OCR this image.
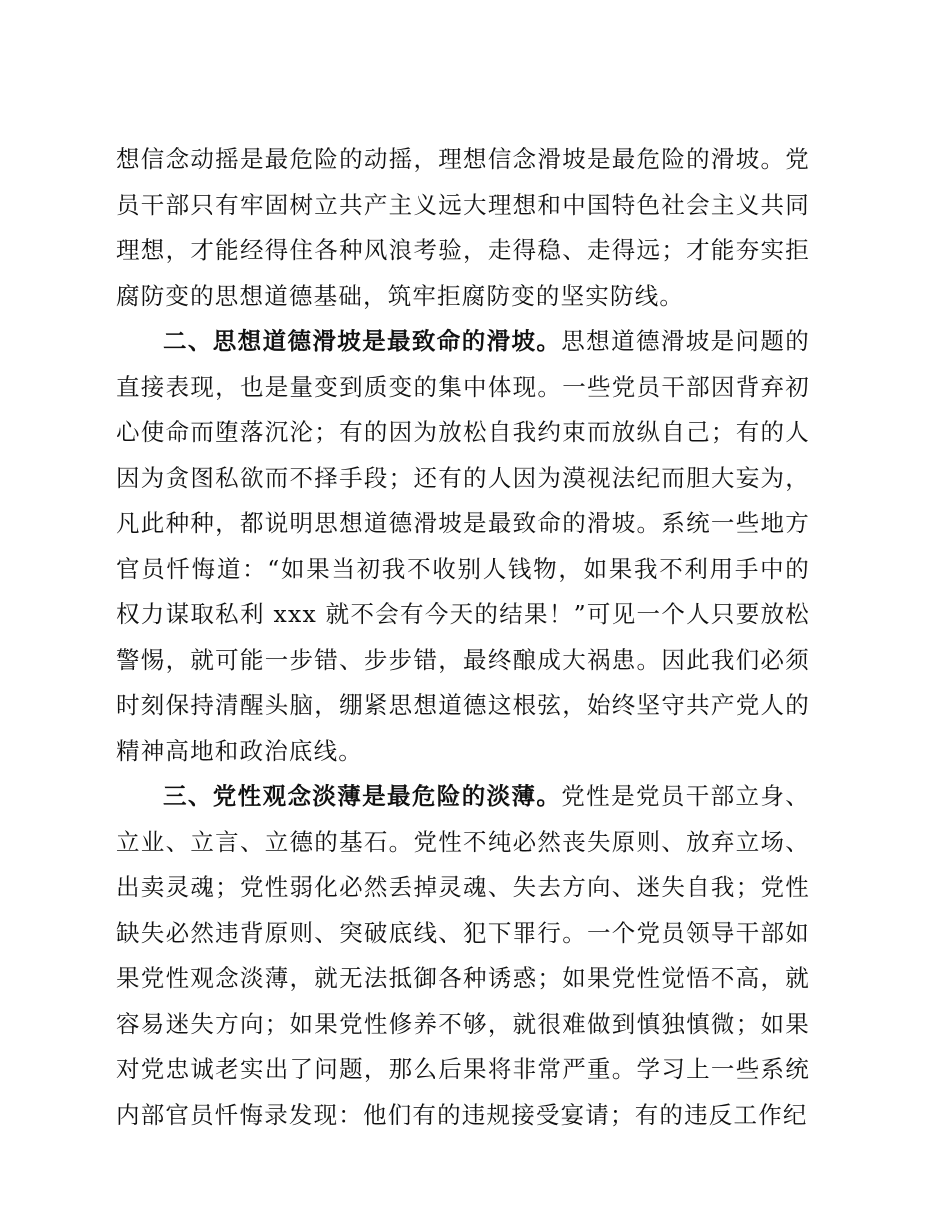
想信念动摇是最危险的动摇，理想信念滑坡是最危险的滑坡。党员干部只有牢固树立共产主义远大理想和中国特色社会主义共同理想，才能经得住各种风浪考验，走得稳、走得远；才能夯实拒腐防变的思想道德基础，筑牢拒腐防变的坚实防线。

二、思想道德滑坡是最致命的滑坡。思想道德滑坡是问题的直接表现，也是量变到质变的集中体现。一些党员干部因背弃初心使命而堕落沉沦；有的因为放松自我约束而放纵自己；有的人因为贪图私欲而不择手段；还有的人因为漠视法纪而胆大妄为，凡此种种，都说明思想道德滑坡是最致命的滑坡。系统一些地方官员忏悔道：“如果当初我不收别人钱物，如果我不利用手中的权力谋取私利 xxx 就不会有今天的结果！”可见一个人只要放松警惕，就可能一步错、步步错，最终酿成大祸患。因此我们必须时刻保持清醒头脑，绷紧思想道德这根弦，始终坚守共产党人的精神高地和政治底线。

三、党性观念淡薄是最危险的淡薄。党性是党员干部立身、立业、立言、立德的基石。党性不纯必然丧失原则、放弃立场、出卖灵魂；党性弱化必然丢掉灵魂、失去方向、迷失自我；党性缺失必然违背原则、突破底线、犯下罪行。一个党员领导干部如果党性观念淡薄，就无法抵御各种诱惑；如果党性觉悟不高，就容易迷失方向；如果党性修养不够，就很难做到慎独慎微；如果对党忠诚老实出了问题，那么后果将非常严重。学习上一些系统内部官员忏悔录发现：他们有的违规接受宴请；有的违反工作纪
